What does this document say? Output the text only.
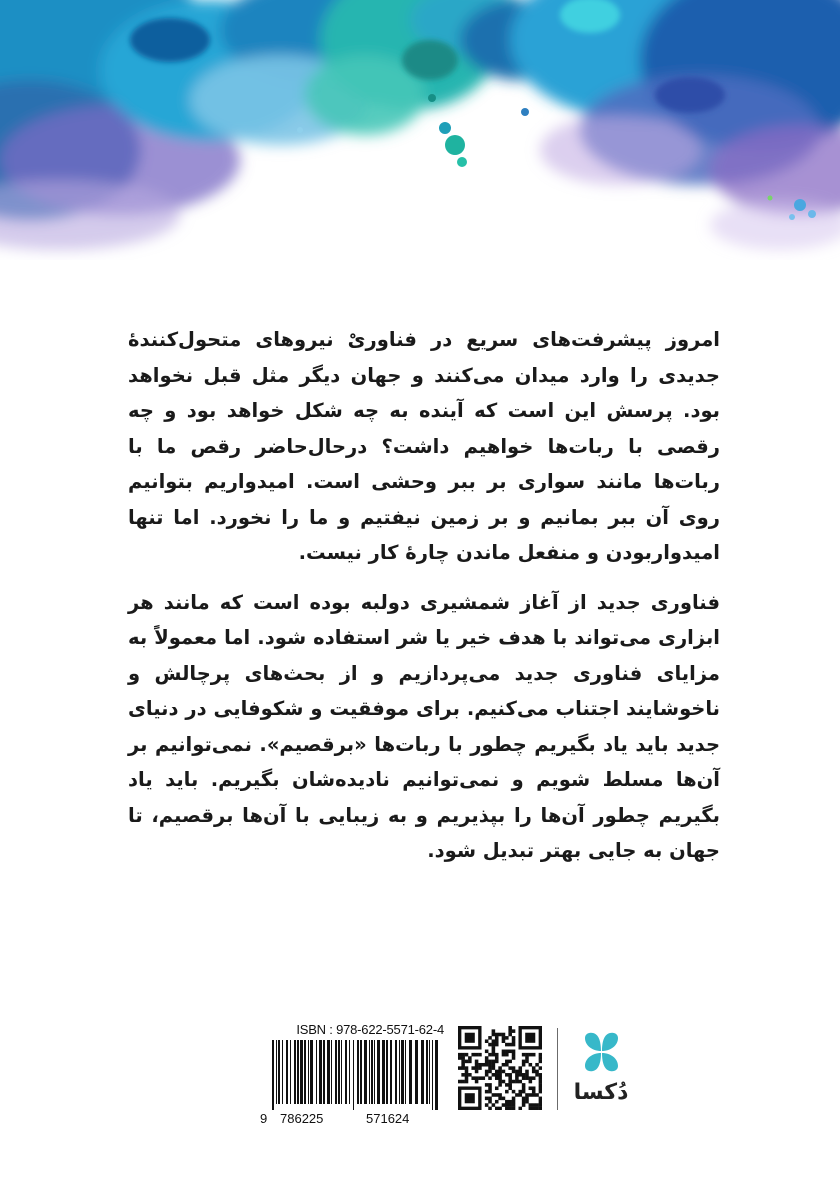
امروز پیشرفت‌های سریع در فناوریْ نیروهای متحول‌کنندهٔ جدیدی را وارد میدان می‌کنند و جهان دیگر مثل قبل نخواهد بود. پرسش این است که آینده به چه شکل خواهد بود و چه رقصی با ربات‌ها خواهیم داشت؟ درحال‌حاضر رقص ما با ربات‌ها مانند سواری بر ببر وحشی است. امیدواریم بتوانیم روی آن ببر بمانیم و بر زمین نیفتیم و ما را نخورد. اما تنها امیدواربودن و منفعل ماندن چارهٔ کار نیست.

فناوری جدید از آغاز شمشیری دولبه بوده است که مانند هر ابزاری می‌تواند با هدف خیر یا شر استفاده شود. اما معمولاً به مزایای فناوری جدید می‌پردازیم و از بحث‌های پرچالش و ناخوشایند اجتناب می‌کنیم. برای موفقیت و شکوفایی در دنیای جدید باید یاد بگیریم چطور با ربات‌ها «برقصیم». نمی‌توانیم بر آن‌ها مسلط شویم و نمی‌توانیم نادیده‌شان بگیریم. باید یاد بگیریم چطور آن‌ها را بپذیریم و به زیبایی با آن‌ها برقصیم، تا جهان به جایی بهتر تبدیل شود.

ISBN : 978-622-5571-62-4
9 786225	571624
دُکسا
